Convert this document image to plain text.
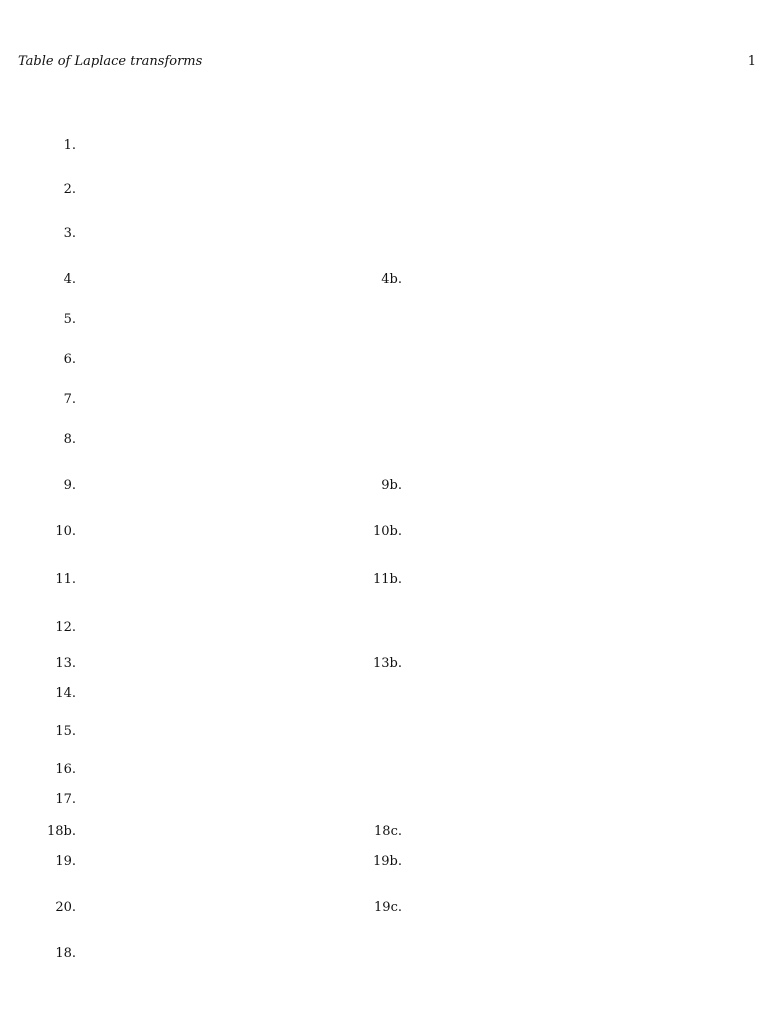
Table of Laplace transforms	1
1.
2.
3.
4.	4b.
5.
6.
7.
8.
9.	9b.
10.	10b.
11.	11b.
12.
13.	13b.
14.
15.
16.
17.
18b.	18c.
19.	19b.
20.	19c.
18.
